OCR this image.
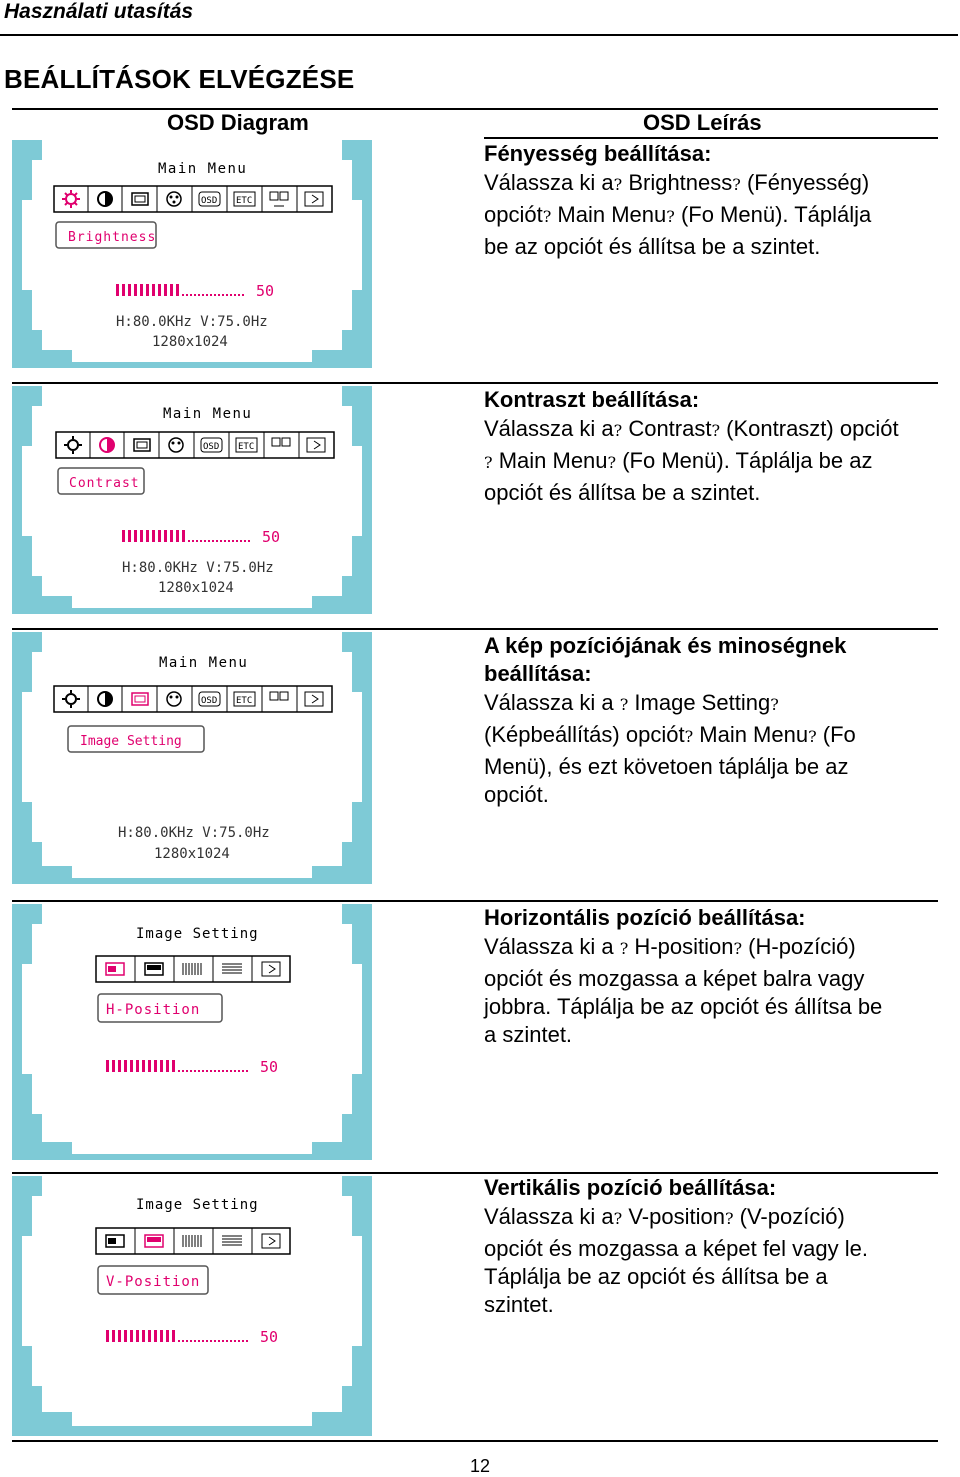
Használati utasítás
BEÁLLÍTÁSOK ELVÉGZÉSE
OSD Diagram	OSD Leírás
Main Menu
OSD ETC
Brightness
50
H:80.0KHz V:75.0Hz
1280x1024
Fényesség beállítása:
Válassza ki a? Brightness? (Fényesség)
opciót? Main Menu? (Fo Menü). Táplálja
be az opciót és állítsa be a szintet.
Main Menu
OSD ETC
Contrast
50
H:80.0KHz V:75.0Hz
1280x1024
Kontraszt beállítása:
Válassza ki a? Contrast? (Kontraszt) opciót
? Main Menu? (Fo Menü). Táplálja be az
opciót és állítsa be a szintet.
Main Menu
OSD ETC
Image Setting
H:80.0KHz V:75.0Hz
1280x1024
A kép pozíciójának és minoségnek
beállítása:
Válassza ki a ? Image Setting?
(Képbeállítás) opciót? Main Menu? (Fo
Menü), és ezt követoen táplálja be az
opciót.
Image Setting
H-Position
50
Horizontális pozíció beállítása:
Válassza ki a ? H-position? (H-pozíció)
opciót és mozgassa a képet balra vagy
jobbra. Táplálja be az opciót és állítsa be
a szintet.
Image Setting
V-Position
50
Vertikális pozíció beállítása:
Válassza ki a? V-position? (V-pozíció)
opciót és mozgassa a képet fel vagy le.
Táplálja be az opciót és állítsa be a
szintet.
12
